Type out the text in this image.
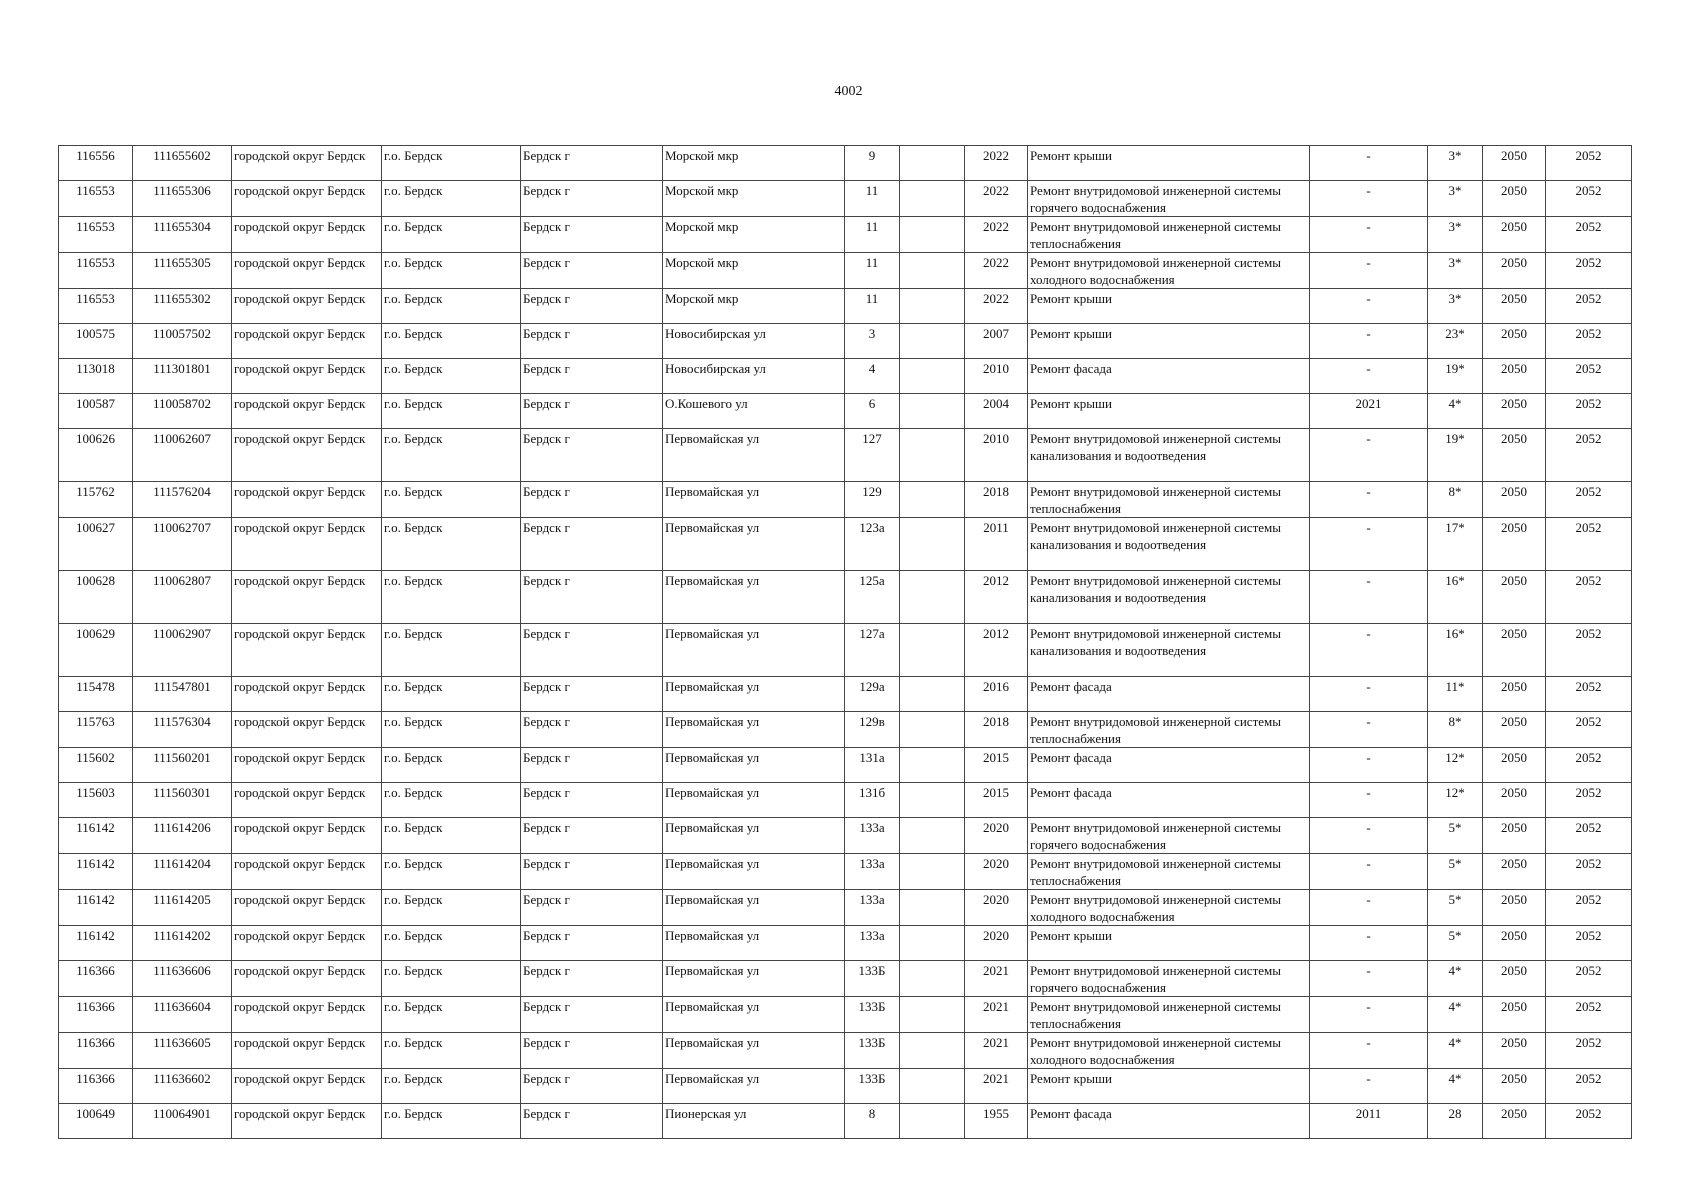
4002
116556	111655602	городской округ Бердск	г.о. Бердск	Бердск г	Морской мкр	9		2022	Ремонт крыши	-	3*	2050	2052
116553	111655306	городской округ Бердск	г.о. Бердск	Бердск г	Морской мкр	11		2022	Ремонт внутридомовой инженерной системы горячего водоснабжения	-	3*	2050	2052
116553	111655304	городской округ Бердск	г.о. Бердск	Бердск г	Морской мкр	11		2022	Ремонт внутридомовой инженерной системы теплоснабжения	-	3*	2050	2052
116553	111655305	городской округ Бердск	г.о. Бердск	Бердск г	Морской мкр	11		2022	Ремонт внутридомовой инженерной системы холодного водоснабжения	-	3*	2050	2052
116553	111655302	городской округ Бердск	г.о. Бердск	Бердск г	Морской мкр	11		2022	Ремонт крыши	-	3*	2050	2052
100575	110057502	городской округ Бердск	г.о. Бердск	Бердск г	Новосибирская ул	3		2007	Ремонт крыши	-	23*	2050	2052
113018	111301801	городской округ Бердск	г.о. Бердск	Бердск г	Новосибирская ул	4		2010	Ремонт фасада	-	19*	2050	2052
100587	110058702	городской округ Бердск	г.о. Бердск	Бердск г	О.Кошевого ул	6		2004	Ремонт крыши	2021	4*	2050	2052
100626	110062607	городской округ Бердск	г.о. Бердск	Бердск г	Первомайская ул	127		2010	Ремонт внутридомовой инженерной системы канализования и водоотведения	-	19*	2050	2052
115762	111576204	городской округ Бердск	г.о. Бердск	Бердск г	Первомайская ул	129		2018	Ремонт внутридомовой инженерной системы теплоснабжения	-	8*	2050	2052
100627	110062707	городской округ Бердск	г.о. Бердск	Бердск г	Первомайская ул	123а		2011	Ремонт внутридомовой инженерной системы канализования и водоотведения	-	17*	2050	2052
100628	110062807	городской округ Бердск	г.о. Бердск	Бердск г	Первомайская ул	125а		2012	Ремонт внутридомовой инженерной системы канализования и водоотведения	-	16*	2050	2052
100629	110062907	городской округ Бердск	г.о. Бердск	Бердск г	Первомайская ул	127а		2012	Ремонт внутридомовой инженерной системы канализования и водоотведения	-	16*	2050	2052
115478	111547801	городской округ Бердск	г.о. Бердск	Бердск г	Первомайская ул	129а		2016	Ремонт фасада	-	11*	2050	2052
115763	111576304	городской округ Бердск	г.о. Бердск	Бердск г	Первомайская ул	129в		2018	Ремонт внутридомовой инженерной системы теплоснабжения	-	8*	2050	2052
115602	111560201	городской округ Бердск	г.о. Бердск	Бердск г	Первомайская ул	131а		2015	Ремонт фасада	-	12*	2050	2052
115603	111560301	городской округ Бердск	г.о. Бердск	Бердск г	Первомайская ул	131б		2015	Ремонт фасада	-	12*	2050	2052
116142	111614206	городской округ Бердск	г.о. Бердск	Бердск г	Первомайская ул	133а		2020	Ремонт внутридомовой инженерной системы горячего водоснабжения	-	5*	2050	2052
116142	111614204	городской округ Бердск	г.о. Бердск	Бердск г	Первомайская ул	133а		2020	Ремонт внутридомовой инженерной системы теплоснабжения	-	5*	2050	2052
116142	111614205	городской округ Бердск	г.о. Бердск	Бердск г	Первомайская ул	133а		2020	Ремонт внутридомовой инженерной системы холодного водоснабжения	-	5*	2050	2052
116142	111614202	городской округ Бердск	г.о. Бердск	Бердск г	Первомайская ул	133а		2020	Ремонт крыши	-	5*	2050	2052
116366	111636606	городской округ Бердск	г.о. Бердск	Бердск г	Первомайская ул	133Б		2021	Ремонт внутридомовой инженерной системы горячего водоснабжения	-	4*	2050	2052
116366	111636604	городской округ Бердск	г.о. Бердск	Бердск г	Первомайская ул	133Б		2021	Ремонт внутридомовой инженерной системы теплоснабжения	-	4*	2050	2052
116366	111636605	городской округ Бердск	г.о. Бердск	Бердск г	Первомайская ул	133Б		2021	Ремонт внутридомовой инженерной системы холодного водоснабжения	-	4*	2050	2052
116366	111636602	городской округ Бердск	г.о. Бердск	Бердск г	Первомайская ул	133Б		2021	Ремонт крыши	-	4*	2050	2052
100649	110064901	городской округ Бердск	г.о. Бердск	Бердск г	Пионерская ул	8		1955	Ремонт фасада	2011	28	2050	2052
